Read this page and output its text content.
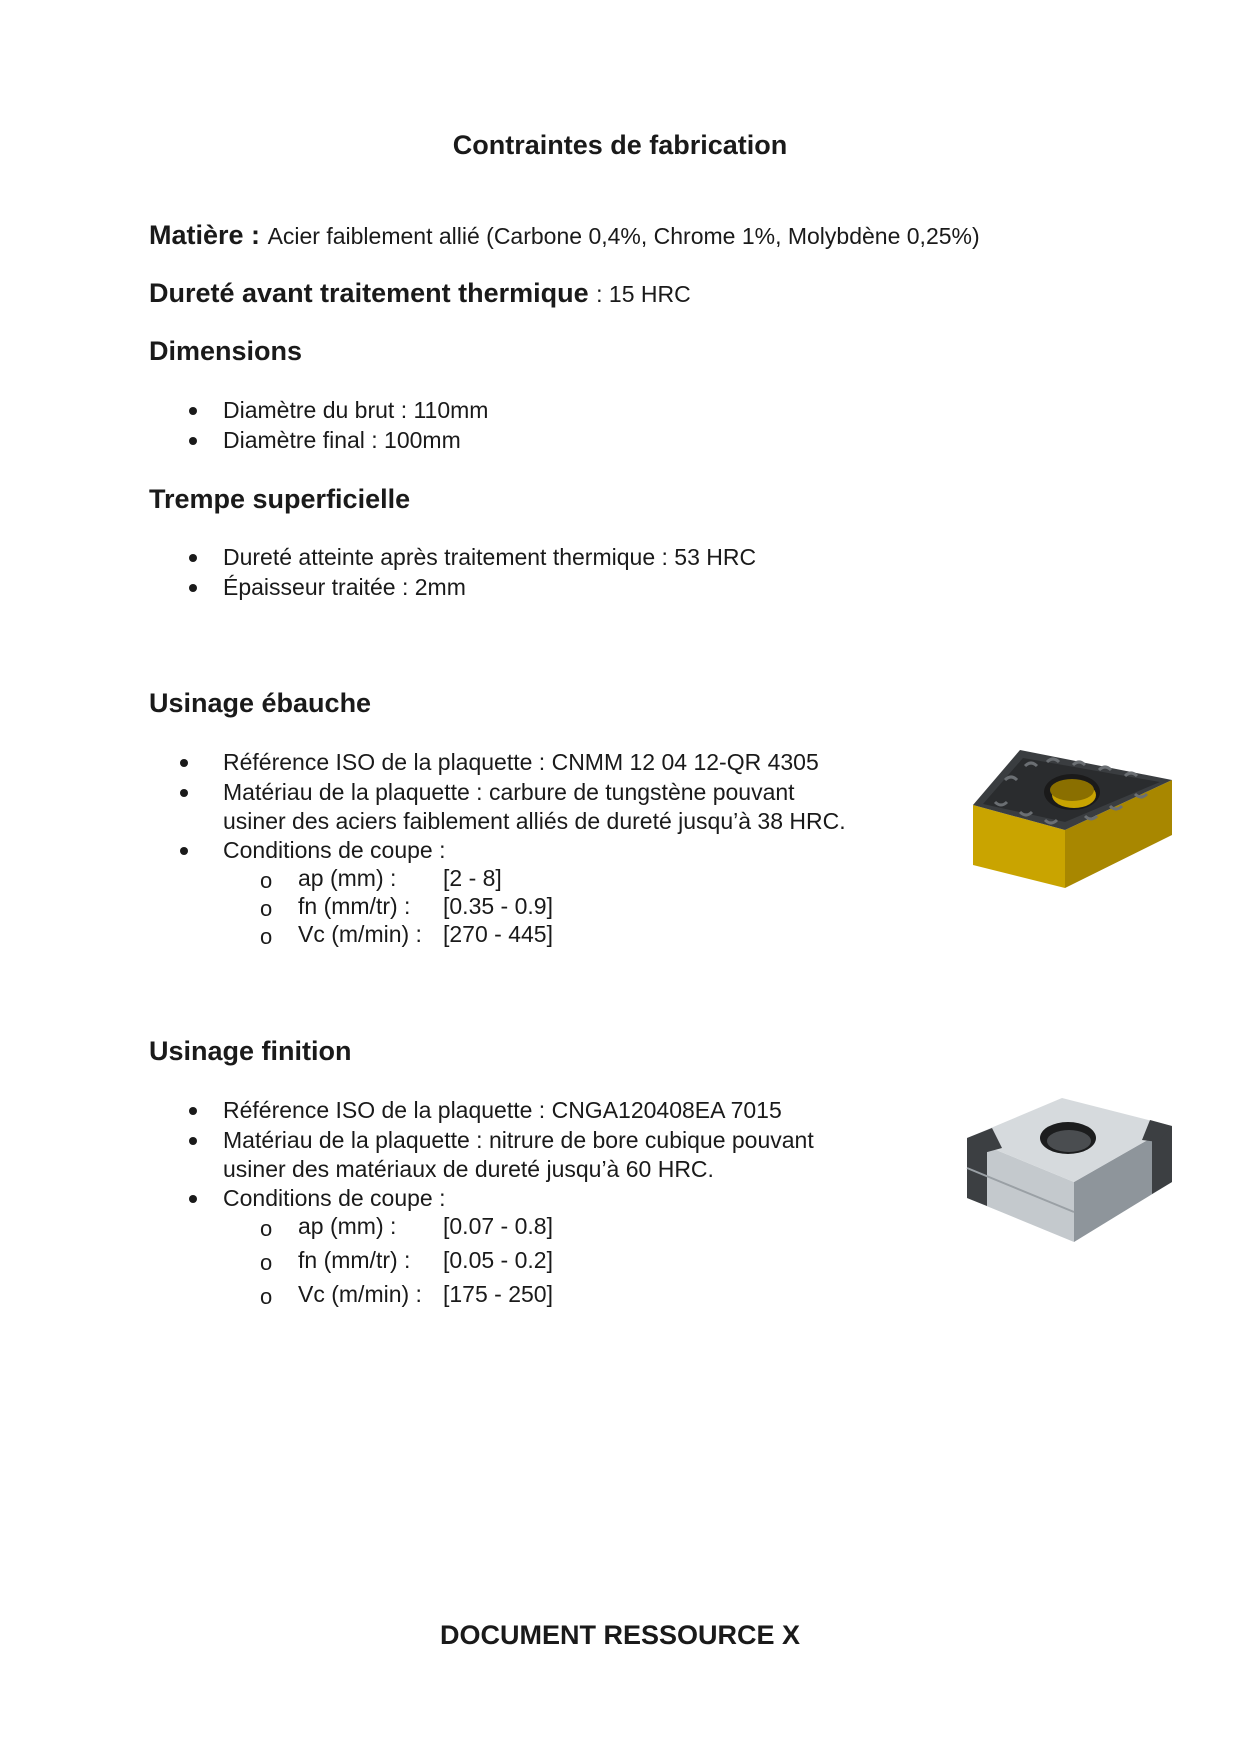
Contraintes de fabrication
Matière : Acier faiblement allié (Carbone 0,4%, Chrome 1%, Molybdène 0,25%)
Dureté avant traitement thermique : 15 HRC
Dimensions
Diamètre du brut : 110mm
Diamètre final : 100mm
Trempe superficielle
Dureté atteinte après traitement thermique : 53 HRC
Épaisseur traitée : 2mm
Usinage ébauche
Référence ISO de la plaquette : CNMM 12 04 12-QR 4305
Matériau de la plaquette : carbure de tungstène pouvant
usiner des aciers faiblement alliés de dureté jusqu’à 38 HRC.
Conditions de coupe :
o ap (mm) : [2 - 8]
o fn (mm/tr) : [0.35 - 0.9]
o Vc (m/min) : [270 - 445]
Usinage finition
Référence ISO de la plaquette : CNGA120408EA 7015
Matériau de la plaquette : nitrure de bore cubique pouvant
usiner des matériaux de dureté jusqu’à 60 HRC.
Conditions de coupe :
o ap (mm) : [0.07 - 0.8]
o fn (mm/tr) : [0.05 - 0.2]
o Vc (m/min) : [175 - 250]
DOCUMENT RESSOURCE X
